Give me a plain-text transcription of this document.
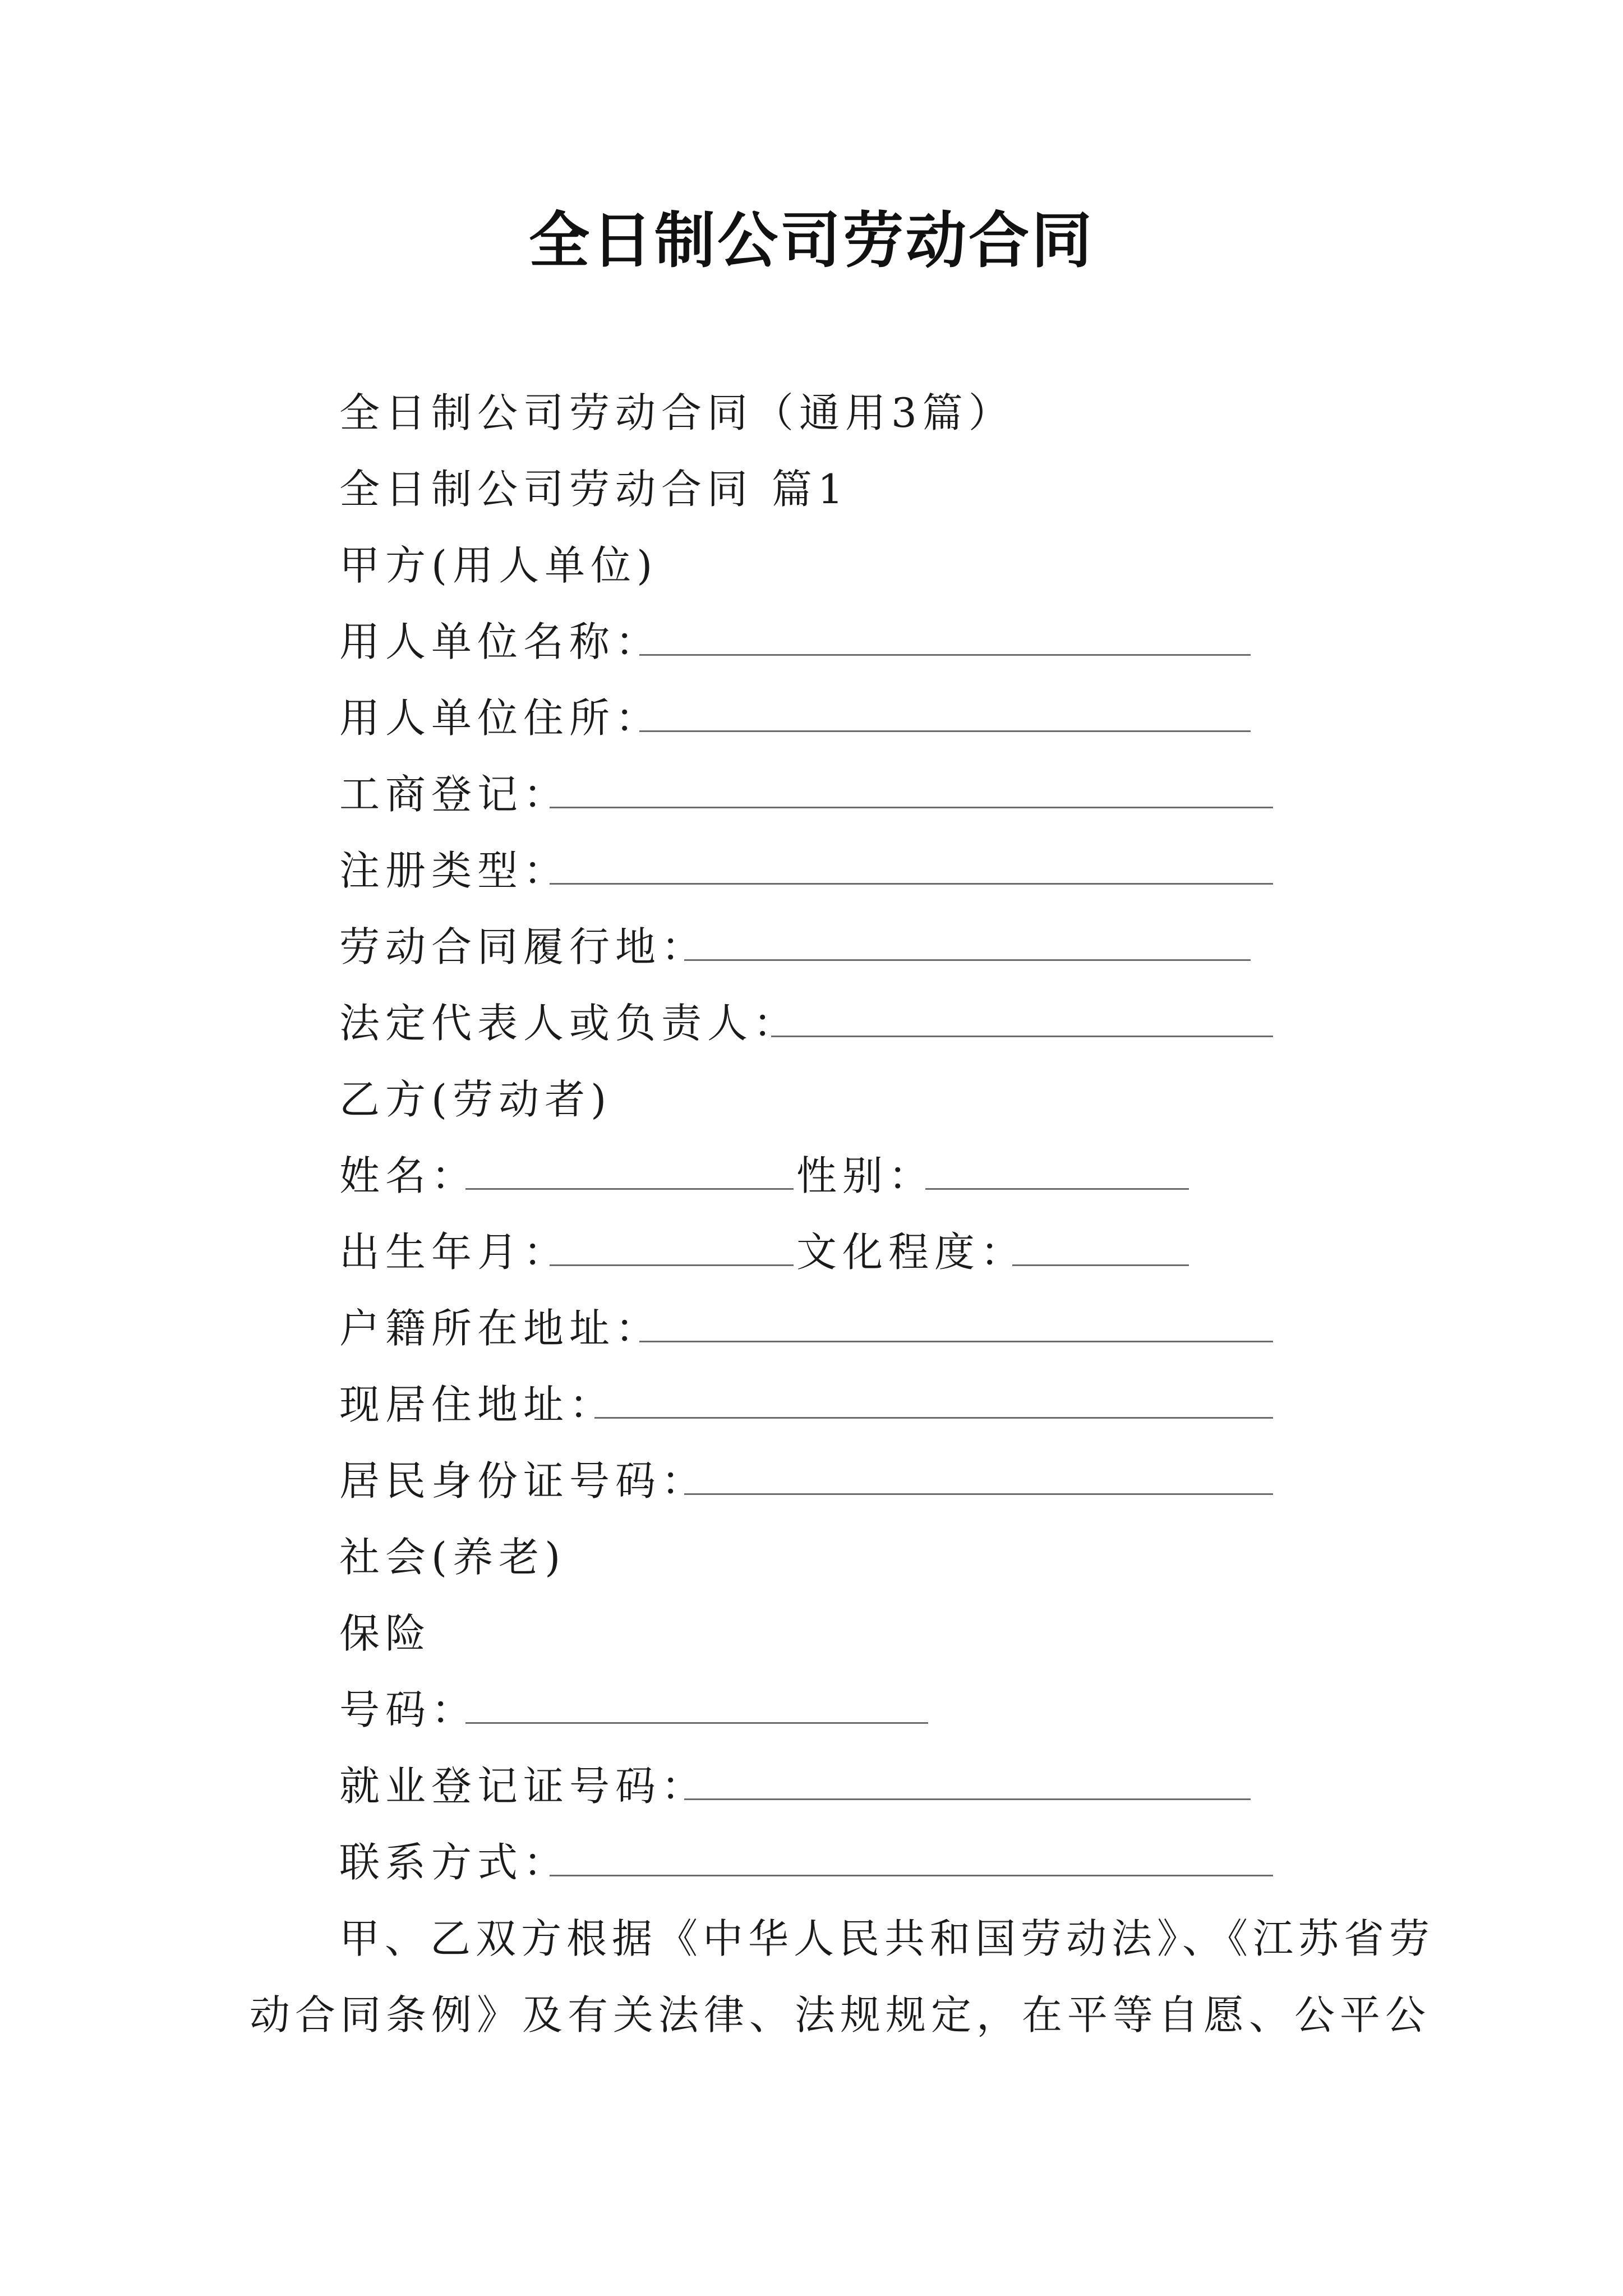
全日制公司劳动合同
全日制公司劳动合同（通用3篇）
全日制公司劳动合同 篇1
甲方(用人单位)
用人单位名称：
用人单位住所：
工商登记：
注册类型：
劳动合同履行地：
法定代表人或负责人：
乙方(劳动者)
姓名：	性别：
出生年月：	文化程度：
户籍所在地址：
现居住地址：
居民身份证号码：
社会(养老)
保险
号码：
就业登记证号码：
联系方式：
甲、乙双方根据《中华人民共和国劳动法》、《江苏省劳
动合同条例》及有关法律、法规规定，在平等自愿、公平公
